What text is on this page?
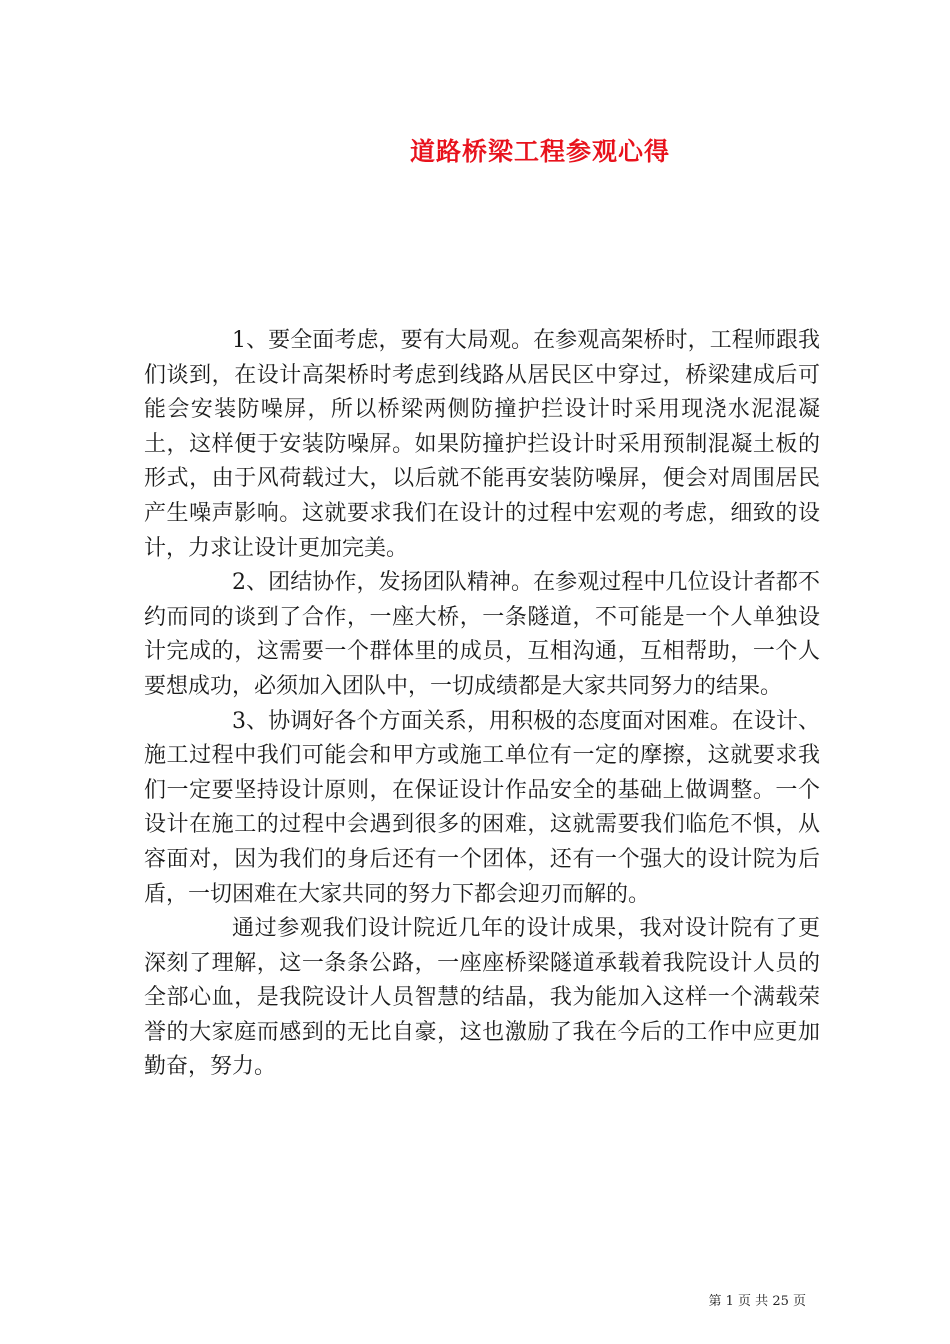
道路桥梁工程参观心得

1、要全面考虑，要有大局观。在参观高架桥时，工程师跟我们谈到，在设计高架桥时考虑到线路从居民区中穿过，桥梁建成后可能会安装防噪屏，所以桥梁两侧防撞护拦设计时采用现浇水泥混凝土，这样便于安装防噪屏。如果防撞护拦设计时采用预制混凝土板的形式，由于风荷载过大，以后就不能再安装防噪屏，便会对周围居民产生噪声影响。这就要求我们在设计的过程中宏观的考虑，细致的设计，力求让设计更加完美。

2、团结协作，发扬团队精神。在参观过程中几位设计者都不约而同的谈到了合作，一座大桥，一条隧道，不可能是一个人单独设计完成的，这需要一个群体里的成员，互相沟通，互相帮助，一个人要想成功，必须加入团队中，一切成绩都是大家共同努力的结果。

3、协调好各个方面关系，用积极的态度面对困难。在设计、施工过程中我们可能会和甲方或施工单位有一定的摩擦，这就要求我们一定要坚持设计原则，在保证设计作品安全的基础上做调整。一个设计在施工的过程中会遇到很多的困难，这就需要我们临危不惧，从容面对，因为我们的身后还有一个团体，还有一个强大的设计院为后盾，一切困难在大家共同的努力下都会迎刃而解的。

通过参观我们设计院近几年的设计成果，我对设计院有了更深刻了理解，这一条条公路，一座座桥梁隧道承载着我院设计人员的全部心血，是我院设计人员智慧的结晶，我为能加入这样一个满载荣誉的大家庭而感到的无比自豪，这也激励了我在今后的工作中应更加勤奋，努力。

第 1 页 共 25 页
